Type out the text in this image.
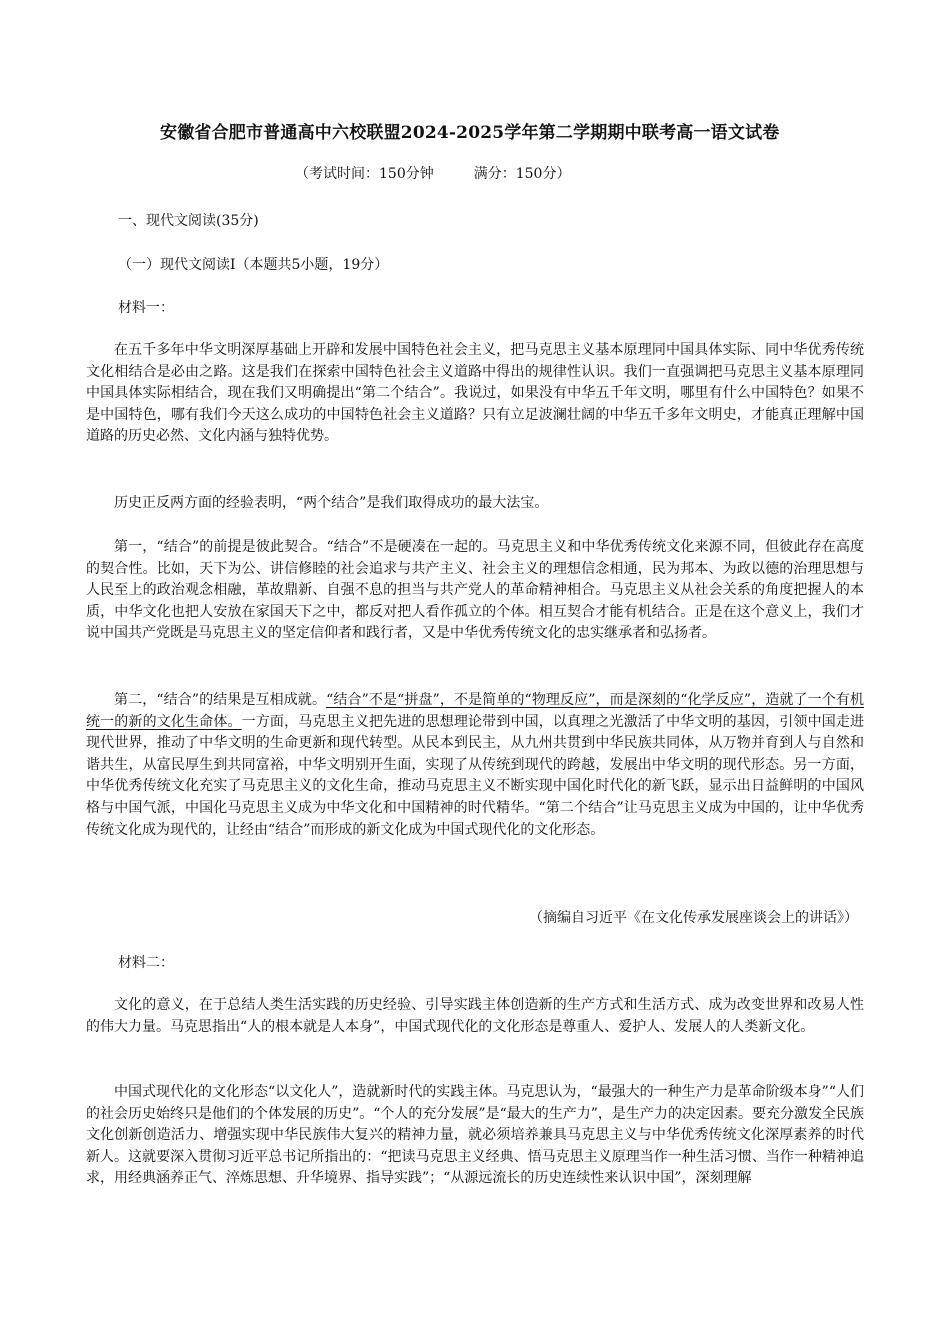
安徽省合肥市普通高中六校联盟2024-2025学年第二学期期中联考高一语文试卷
（考试时间：150分钟	满分：150分）
一、现代文阅读(35分)
（一）现代文阅读Ⅰ（本题共5小题，19分）
材料一：
在五千多年中华文明深厚基础上开辟和发展中国特色社会主义，把马克思主义基本原理同中国具体实际、同中华优秀传统文化相结合是必由之路。这是我们在探索中国特色社会主义道路中得出的规律性认识。我们一直强调把马克思主义基本原理同中国具体实际相结合，现在我们又明确提出“第二个结合”。我说过，如果没有中华五千年文明，哪里有什么中国特色？如果不是中国特色，哪有我们今天这么成功的中国特色社会主义道路？只有立足波澜壮阔的中华五千多年文明史，才能真正理解中国道路的历史必然、文化内涵与独特优势。
历史正反两方面的经验表明，“两个结合”是我们取得成功的最大法宝。
第一，“结合”的前提是彼此契合。“结合”不是硬凑在一起的。马克思主义和中华优秀传统文化来源不同，但彼此存在高度的契合性。比如，天下为公、讲信修睦的社会追求与共产主义、社会主义的理想信念相通，民为邦本、为政以德的治理思想与人民至上的政治观念相融，革故鼎新、自强不息的担当与共产党人的革命精神相合。马克思主义从社会关系的角度把握人的本质，中华文化也把人安放在家国天下之中，都反对把人看作孤立的个体。相互契合才能有机结合。正是在这个意义上，我们才说中国共产党既是马克思主义的坚定信仰者和践行者，又是中华优秀传统文化的忠实继承者和弘扬者。
第二，“结合”的结果是互相成就。“结合”不是“拼盘”，不是简单的“物理反应”，而是深刻的“化学反应”，造就了一个有机统一的新的文化生命体。一方面，马克思主义把先进的思想理论带到中国，以真理之光激活了中华文明的基因，引领中国走进现代世界，推动了中华文明的生命更新和现代转型。从民本到民主，从九州共贯到中华民族共同体，从万物并育到人与自然和谐共生，从富民厚生到共同富裕，中华文明别开生面，实现了从传统到现代的跨越，发展出中华文明的现代形态。另一方面，中华优秀传统文化充实了马克思主义的文化生命，推动马克思主义不断实现中国化时代化的新飞跃，显示出日益鲜明的中国风格与中国气派，中国化马克思主义成为中华文化和中国精神的时代精华。“第二个结合”让马克思主义成为中国的，让中华优秀传统文化成为现代的，让经由“结合”而形成的新文化成为中国式现代化的文化形态。
（摘编自习近平《在文化传承发展座谈会上的讲话》）
材料二：
文化的意义，在于总结人类生活实践的历史经验、引导实践主体创造新的生产方式和生活方式、成为改变世界和改易人性的伟大力量。马克思指出“人的根本就是人本身”，中国式现代化的文化形态是尊重人、爱护人、发展人的人类新文化。
中国式现代化的文化形态“以文化人”，造就新时代的实践主体。马克思认为，“最强大的一种生产力是革命阶级本身”“人们的社会历史始终只是他们的个体发展的历史”。“个人的充分发展”是“最大的生产力”，是生产力的决定因素。要充分激发全民族文化创新创造活力、增强实现中华民族伟大复兴的精神力量，就必须培养兼具马克思主义与中华优秀传统文化深厚素养的时代新人。这就要深入贯彻习近平总书记所指出的：“把读马克思主义经典、悟马克思主义原理当作一种生活习惯、当作一种精神追求，用经典涵养正气、淬炼思想、升华境界、指导实践”；“从源远流长的历史连续性来认识中国”，深刻理解
